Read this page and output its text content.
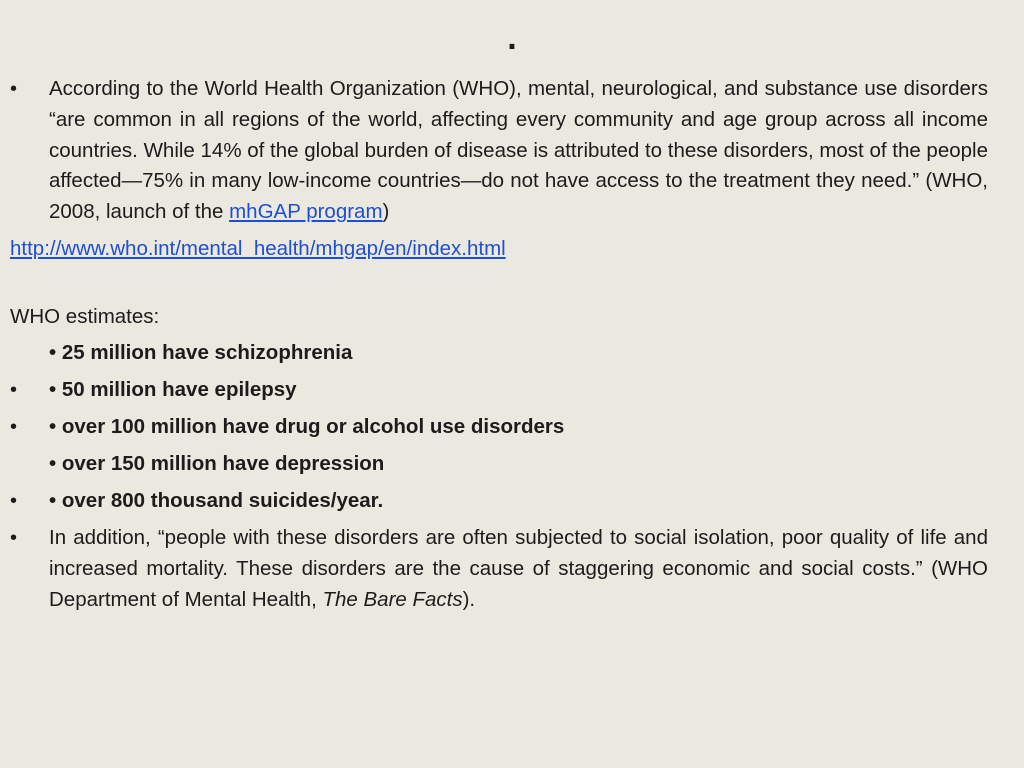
.
• According to the World Health Organization (WHO), mental, neurological, and substance use disorders “are common in all regions of the world, affecting every community and age group across all income countries. While 14% of the global burden of disease is attributed to these disorders, most of the people affected—75% in many low-income countries—do not have access to the treatment they need.” (WHO, 2008, launch of the mhGAP program)
http://www.who.int/mental_health/mhgap/en/index.html
WHO estimates:
• 25 million have schizophrenia
• • 50 million have epilepsy
• • over 100 million have drug or alcohol use disorders
• over 150 million have depression
• • over 800 thousand suicides/year.
• In addition, “people with these disorders are often subjected to social isolation, poor quality of life and increased mortality. These disorders are the cause of staggering economic and social costs.” (WHO Department of Mental Health, The Bare Facts).
